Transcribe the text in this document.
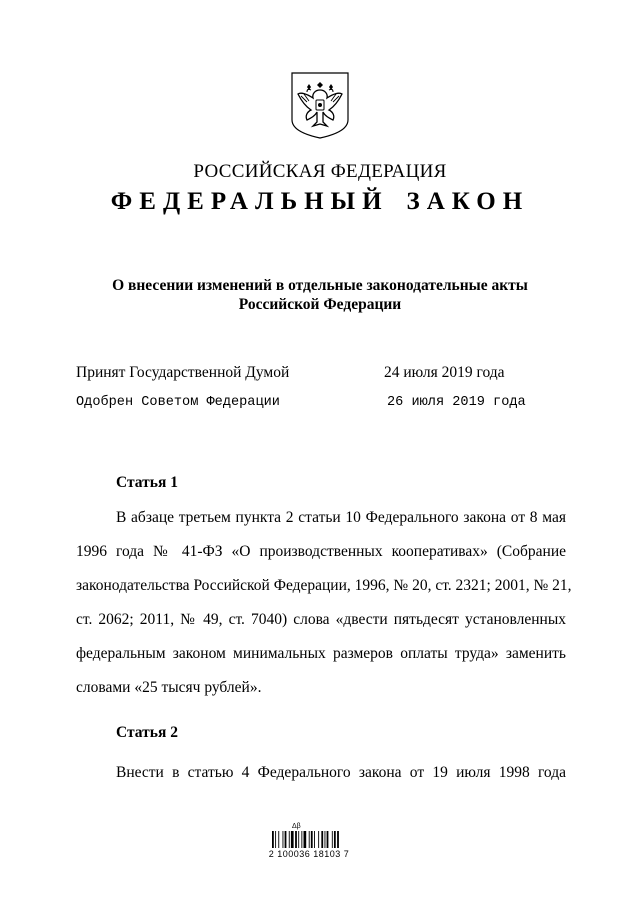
РОССИЙСКАЯ ФЕДЕРАЦИЯ
ФЕДЕРАЛЬНЫЙ ЗАКОН
О внесении изменений в отдельные законодательные акты
Российской Федерации
Принят Государственной Думой	24 июля 2019 года
Одобрен Советом Федерации	26 июля 2019 года
Статья 1
В абзаце третьем пункта 2 статьи 10 Федерального закона от 8 мая
1996 года № 41-ФЗ «О производственных кооперативах» (Собрание
законодательства Российской Федерации, 1996, № 20, ст. 2321; 2001, № 21,
ст. 2062; 2011, № 49, ст. 7040) слова «двести пятьдесят установленных
федеральным законом минимальных размеров оплаты труда» заменить
словами «25 тысяч рублей».
Статья 2
Внести в статью 4 Федерального закона от 19 июля 1998 года
Δβ
2 100036 18103 7
